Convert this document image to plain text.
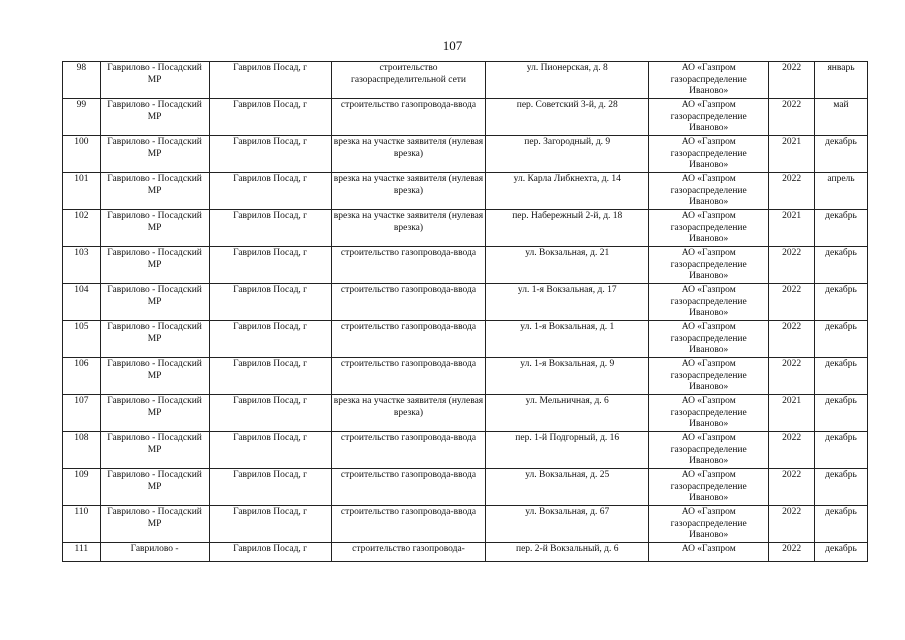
107
98	Гаврилово - Посадский МР	Гаврилов Посад, г	строительство газораспределительной сети	ул. Пионерская, д. 8	АО «Газпром газораспределение Иваново»	2022	январь
99	Гаврилово - Посадский МР	Гаврилов Посад, г	строительство газопровода-ввода	пер. Советский 3-й, д. 28	АО «Газпром газораспределение Иваново»	2022	май
100	Гаврилово - Посадский МР	Гаврилов Посад, г	врезка на участке заявителя (нулевая врезка)	пер. Загородный, д. 9	АО «Газпром газораспределение Иваново»	2021	декабрь
101	Гаврилово - Посадский МР	Гаврилов Посад, г	врезка на участке заявителя (нулевая врезка)	ул. Карла Либкнехта, д. 14	АО «Газпром газораспределение Иваново»	2022	апрель
102	Гаврилово - Посадский МР	Гаврилов Посад, г	врезка на участке заявителя (нулевая врезка)	пер. Набережный 2-й, д. 18	АО «Газпром газораспределение Иваново»	2021	декабрь
103	Гаврилово - Посадский МР	Гаврилов Посад, г	строительство газопровода-ввода	ул. Вокзальная, д. 21	АО «Газпром газораспределение Иваново»	2022	декабрь
104	Гаврилово - Посадский МР	Гаврилов Посад, г	строительство газопровода-ввода	ул. 1-я Вокзальная, д. 17	АО «Газпром газораспределение Иваново»	2022	декабрь
105	Гаврилово - Посадский МР	Гаврилов Посад, г	строительство газопровода-ввода	ул. 1-я Вокзальная, д. 1	АО «Газпром газораспределение Иваново»	2022	декабрь
106	Гаврилово - Посадский МР	Гаврилов Посад, г	строительство газопровода-ввода	ул. 1-я Вокзальная, д. 9	АО «Газпром газораспределение Иваново»	2022	декабрь
107	Гаврилово - Посадский МР	Гаврилов Посад, г	врезка на участке заявителя (нулевая врезка)	ул. Мельничная, д. 6	АО «Газпром газораспределение Иваново»	2021	декабрь
108	Гаврилово - Посадский МР	Гаврилов Посад, г	строительство газопровода-ввода	пер. 1-й Подгорный, д. 16	АО «Газпром газораспределение Иваново»	2022	декабрь
109	Гаврилово - Посадский МР	Гаврилов Посад, г	строительство газопровода-ввода	ул. Вокзальная, д. 25	АО «Газпром газораспределение Иваново»	2022	декабрь
110	Гаврилово - Посадский МР	Гаврилов Посад, г	строительство газопровода-ввода	ул. Вокзальная, д. 67	АО «Газпром газораспределение Иваново»	2022	декабрь
111	Гаврилово -	Гаврилов Посад, г	строительство газопровода-	пер. 2-й Вокзальный, д. 6	АО «Газпром	2022	декабрь
